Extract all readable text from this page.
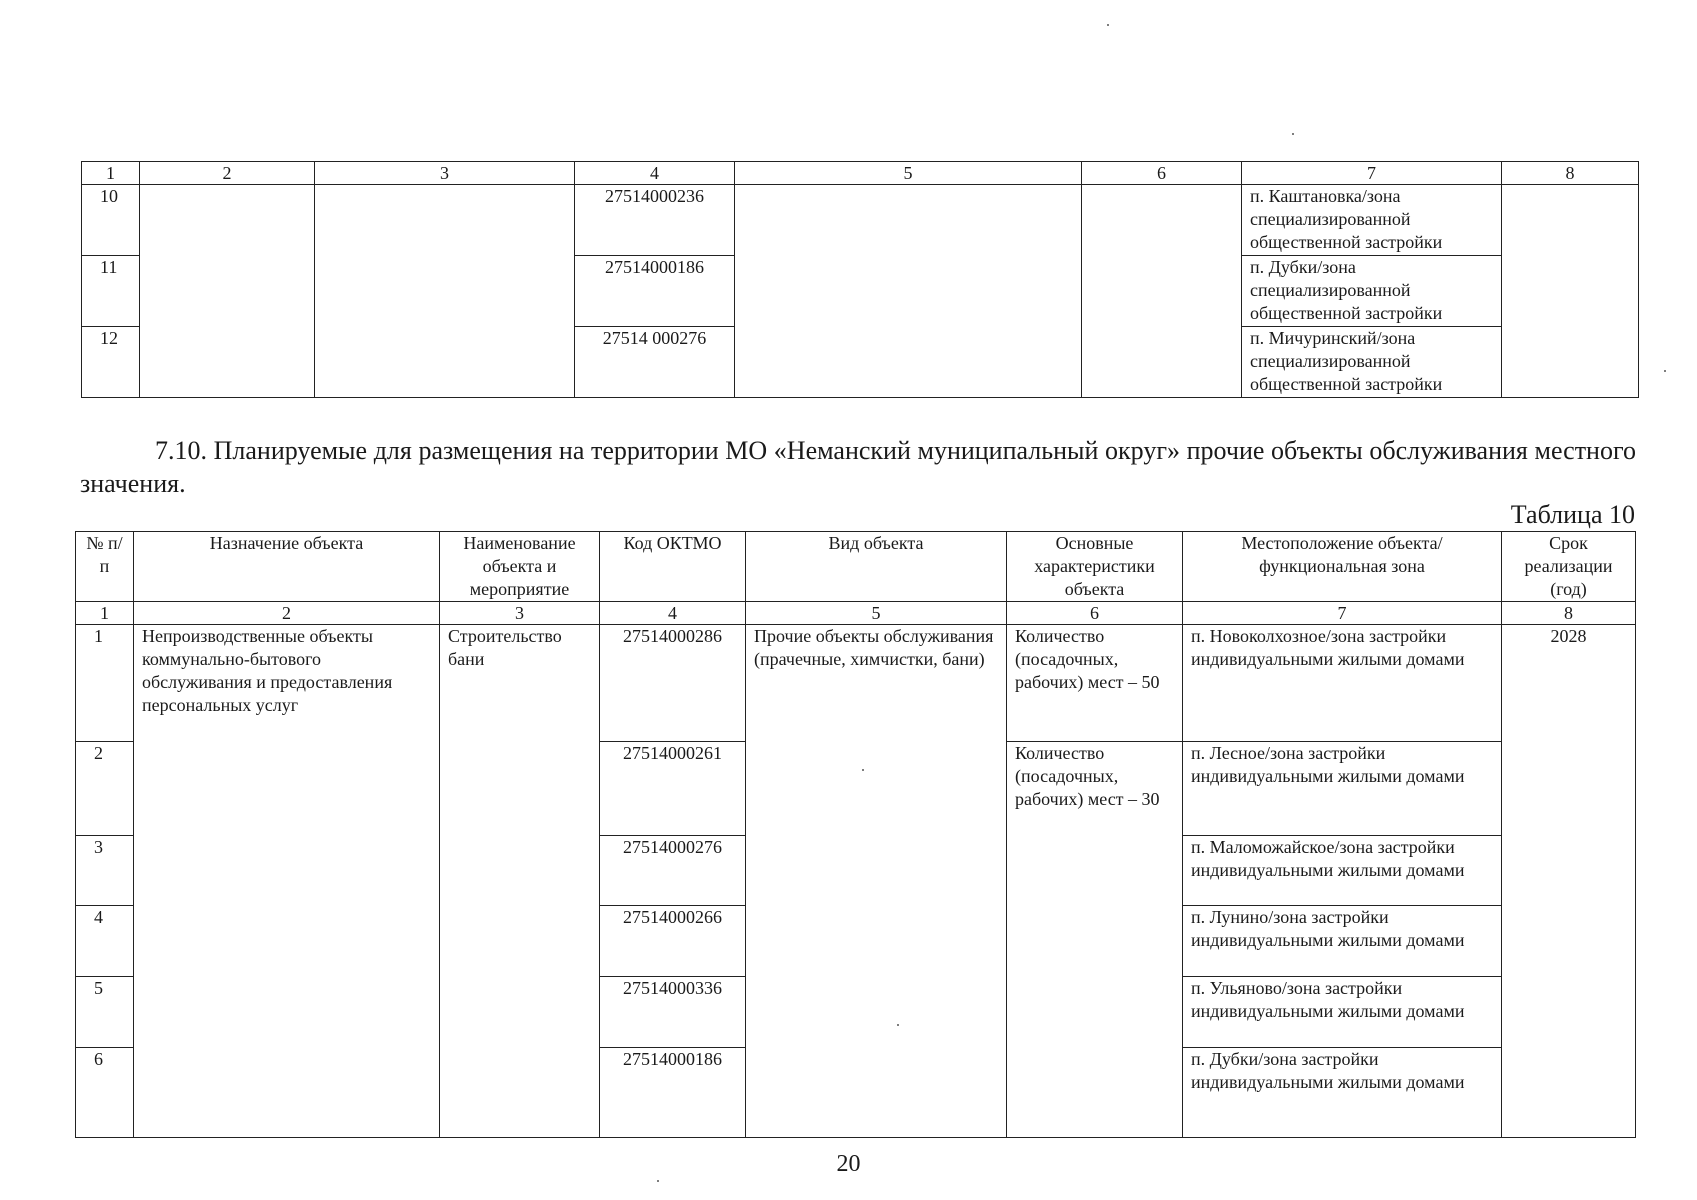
1	2	3	4	5	6	7	8
10			27514000236			п. Каштановка/зона специализированной общественной застройки	
11			27514000186			п. Дубки/зона специализированной общественной застройки	
12			27514 000276			п. Мичуринский/зона специализированной общественной застройки	

7.10. Планируемые для размещения на территории МО «Неманский муниципальный округ» прочие объекты обслуживания местного значения.

Таблица 10
№ п/п	Назначение объекта	Наименование объекта и мероприятие	Код ОКТМО	Вид объекта	Основные характеристики объекта	Местоположение объекта/ функциональная зона	Срок реализации (год)
1	2	3	4	5	6	7	8
1	Непроизводственные объекты коммунально-бытового обслуживания и предоставления персональных услуг	Строительство бани	27514000286	Прочие объекты обслуживания (прачечные, химчистки, бани)	Количество (посадочных, рабочих) мест – 50	п. Новоколхозное/зона застройки индивидуальными жилыми домами	2028
2			27514000261		Количество (посадочных, рабочих) мест – 30	п. Лесное/зона застройки индивидуальными жилыми домами	
3			27514000276			п. Маломожайское/зона застройки индивидуальными жилыми домами	
4			27514000266			п. Лунино/зона застройки индивидуальными жилыми домами	
5			27514000336			п. Ульяново/зона застройки индивидуальными жилыми домами	
6			27514000186			п. Дубки/зона застройки индивидуальными жилыми домами	
20
